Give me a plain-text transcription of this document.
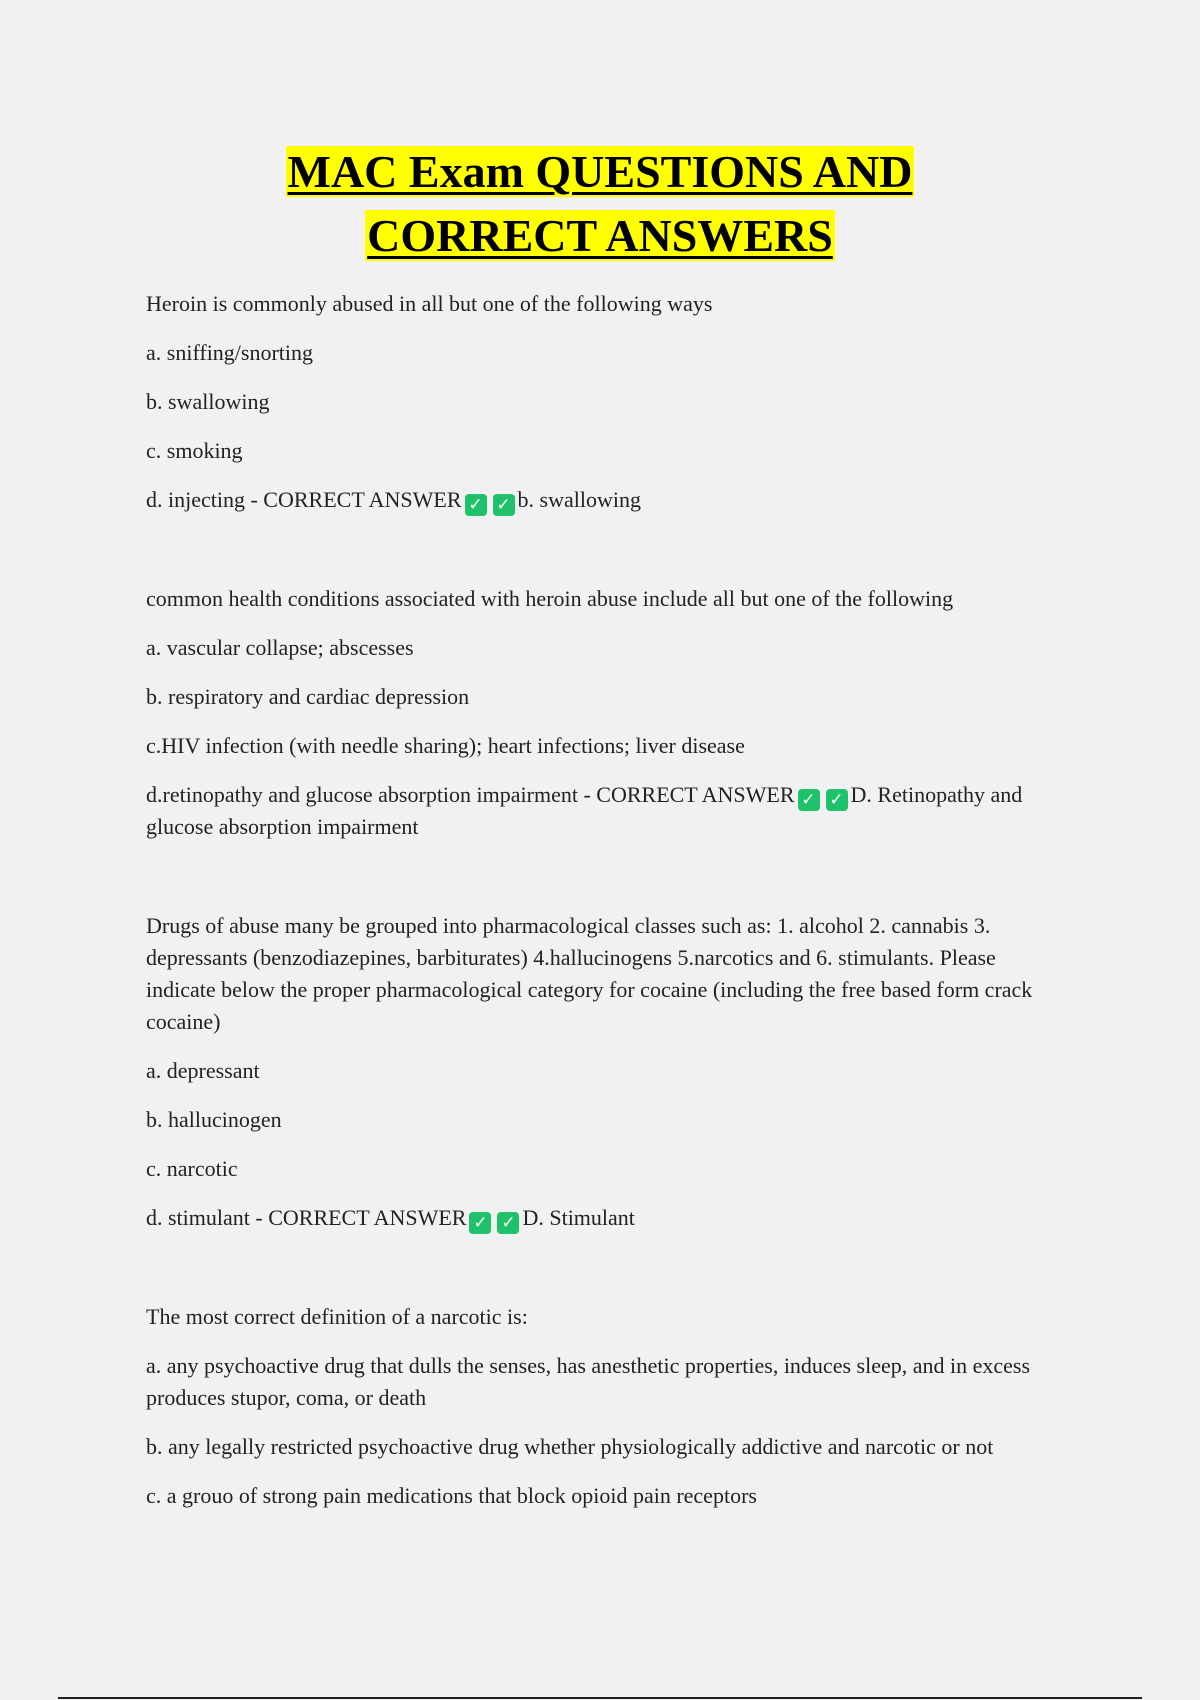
MAC Exam QUESTIONS AND
CORRECT ANSWERS
Heroin is commonly abused in all but one of the following ways
a. sniffing/snorting
b. swallowing
c. smoking
d. injecting - CORRECT ANSWER ✓ ✓ b. swallowing
common health conditions associated with heroin abuse include all but one of the following
a. vascular collapse; abscesses
b. respiratory and cardiac depression
c.HIV infection (with needle sharing); heart infections; liver disease
d.retinopathy and glucose absorption impairment - CORRECT ANSWER ✓ ✓ D. Retinopathy and glucose absorption impairment
Drugs of abuse many be grouped into pharmacological classes such as: 1. alcohol 2. cannabis 3. depressants (benzodiazepines, barbiturates) 4.hallucinogens 5.narcotics and 6. stimulants. Please indicate below the proper pharmacological category for cocaine (including the free based form crack cocaine)
a. depressant
b. hallucinogen
c. narcotic
d. stimulant - CORRECT ANSWER ✓ ✓ D. Stimulant
The most correct definition of a narcotic is:
a. any psychoactive drug that dulls the senses, has anesthetic properties, induces sleep, and in excess produces stupor, coma, or death
b. any legally restricted psychoactive drug whether physiologically addictive and narcotic or not
c. a grouo of strong pain medications that block opioid pain receptors
